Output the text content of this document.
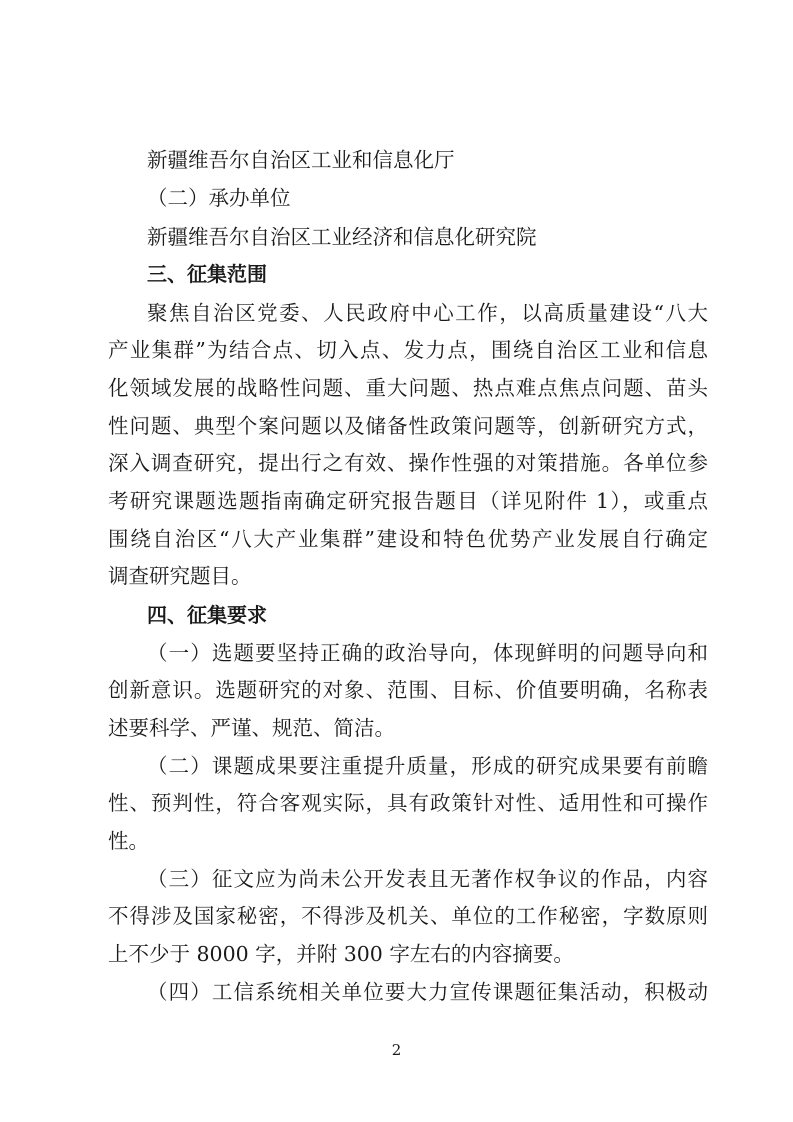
新疆维吾尔自治区工业和信息化厅
（二）承办单位
新疆维吾尔自治区工业经济和信息化研究院
三、征集范围
聚焦自治区党委、人民政府中心工作，以高质量建设“八大
产业集群”为结合点、切入点、发力点，围绕自治区工业和信息
化领域发展的战略性问题、重大问题、热点难点焦点问题、苗头
性问题、典型个案问题以及储备性政策问题等，创新研究方式，
深入调查研究，提出行之有效、操作性强的对策措施。各单位参
考研究课题选题指南确定研究报告题目（详见附件 1），或重点
围绕自治区“八大产业集群”建设和特色优势产业发展自行确定
调查研究题目。
四、征集要求
（一）选题要坚持正确的政治导向，体现鲜明的问题导向和
创新意识。选题研究的对象、范围、目标、价值要明确，名称表
述要科学、严谨、规范、简洁。
（二）课题成果要注重提升质量，形成的研究成果要有前瞻
性、预判性，符合客观实际，具有政策针对性、适用性和可操作
性。
（三）征文应为尚未公开发表且无著作权争议的作品，内容
不得涉及国家秘密，不得涉及机关、单位的工作秘密，字数原则
上不少于 8000 字，并附 300 字左右的内容摘要。
（四）工信系统相关单位要大力宣传课题征集活动，积极动
2
